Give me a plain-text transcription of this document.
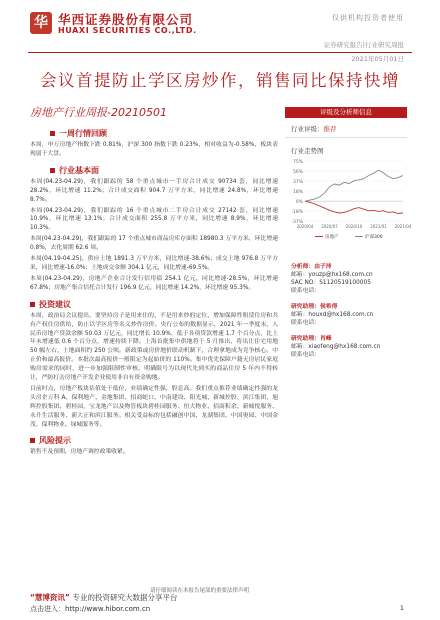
华 华西证券股份有限公司
HUAXI SECURITIES CO.,LTD.
仅供机构投资者使用
证券研究报告|行业研究周报
2021年05月01日
会议首提防止学区房炒作，销售同比保持快增
房地产行业周报-20210501	评级及分析师信息
一周行情回顾

本周，申万房地产指数下跌 0.81%，沪深 300 指数下跌 0.23%，相对收益为-0.58%，板块表现弱于大盘。

行业基本面

本周(04.23-04.29)，我们跟踪的 58 个重点城市一手房合计成交 90734 套，同比增速 28.2%，环比增速 11.2%；合计成交面积 904.7 万平方米，同比增速 24.8%，环比增速 8.7%。

本周(04.23-04.29)，我们跟踪的 16 个重点城市二手房合计成交 27142 套，同比增速 10.9%，环比增速 13.1%；合计成交面积 255.8 万平方米，同比增速 8.9%，环比增速 10.3%。

本周(04.23-04.29)，我们跟踪的 17 个重点城市商品房库存面积 18980.3 万平方米，环比增速 0.8%，去化周期 62.6 周。

本周(04.19-04.25)，供应土地 1891.3 万平方米，同比增速-38.6%；成交土地 976.8 万平方米，同比增速-16.0%；土地成交金额 304.1 亿元，同比增速-69.5%。

本周(04.23-04.29)，房地产企业合计发行信用债 254.1 亿元，同比增速-28.5%，环比增速 67.8%；房地产集合信托合计发行 196.9 亿元，同比增速 14.2%，环比增速 95.3%。

投资建议

本周，政治局会议提出，要坚持房子是用来住的、不是用来炒的定位，增加保障性租赁住房和共有产权住房供给，防止以学区房等名义炒作房价。央行公布的数据显示，2021 年一季度末，人民币房地产贷款余额 50.03 万亿元，同比增长 10.9%，低于各项贷款增速 1.7 个百分点，比上年末增速低 0.6 个百分点，增速持续下降。上海首批集中供地将于 5 月推出，将出让住宅用地 50 幅左右，土地面积约 250 公顷。新政策或房价地价联动机制下，合理拿地成为竞争核心。中止价和最高报价。本批次最高报价一般限定为起始价的 110%。集中优先保障户籍无房居民家庭购房需求的同时，进一步加强限制性审核，明确限号为以现代先到买的商品住房 5 年内不得转让，严防打击房地产开发企业使用非自有资金购地。

目前时点，房地产板块估值处于低位，业绩确定性强，股息高。我们重点推荐业绩确定性强的龙头房企万科 A、保利地产、金地集团、招商蛇口、中南建设、阳光城、新城控股、滨江集团、旭辉控股集团、碧桂园，宝龙地产以及物管板块碧桂园服务、恒大物业、招商积余、新城悦服务、永升生活服务、新大正和滨江服务。相关受益标的包括融创中国、龙湖集团、中国奥园、中国金茂、保利物业、绿城服务等。

风险提示

销售不及预期，房地产调控政策收紧。

行业评级：推荐
行业走势图
75%
56%
37%
18%
0%
-18%
-37%
2020/04 2020/07 2020/10 2021/01 2021/04
房地产	沪深300
分析师：由子沛
邮箱：youzp@hx168.com.cn
SAC NO：S1120519100005
联系电话：
研究助理：侯希得
邮箱：houxd@hx168.com.cn
联系电话：
研究助理：肖峰
邮箱：xiaofeng@hx168.com.cn
联系电话：
请仔细阅读在本报告尾部的重要法律声明
“慧博资讯” 专业的投资研究大数据分享平台
点击进入：http://www.hibor.com.cn	1
